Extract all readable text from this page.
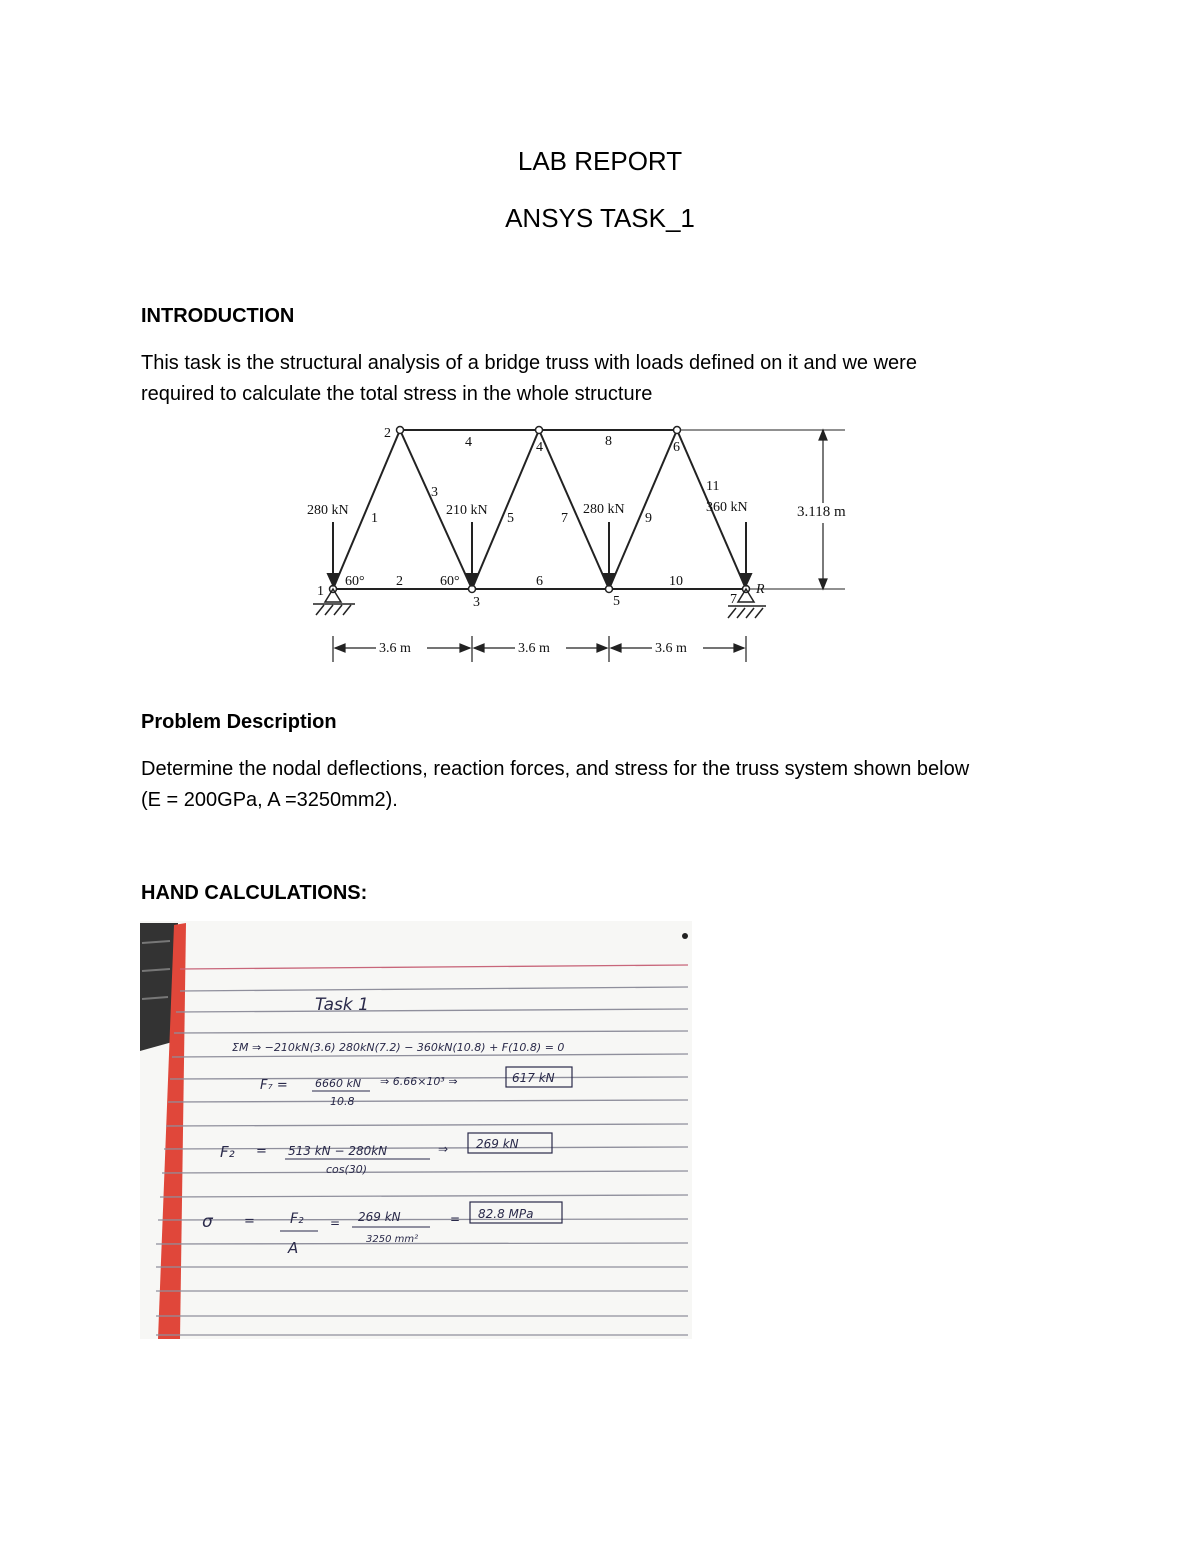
LAB REPORT
ANSYS TASK_1
INTRODUCTION
This task is the structural analysis of a bridge truss with loads defined on it and we were
required to calculate the total stress in the whole structure
2
1
3
4
5
6
7
1
2
3
4
5
6
7
8
9
10
11
280 kN	210 kN	280 kN	360 kN
60°	60°
3.118 m
R
3.6 m	3.6 m	3.6 m
Problem Description
Determine the nodal deflections, reaction forces, and stress for the truss system shown below
(E = 200GPa, A =3250mm2).
HAND CALCULATIONS:
Task 1
ΣM ⇒ −210kN(3.6) 280kN(7.2) − 360kN(10.8) + F(10.8) = 0
F₇ = 6660 kN
10.8
⇒ 6.66×10³ ⇒	617 kN
F₂ = 513 kN − 280kN
cos(30)
⇒ 269 kN
σ =	F₂
A
= 269 kN
3250 mm²
= 82.8 MPa
